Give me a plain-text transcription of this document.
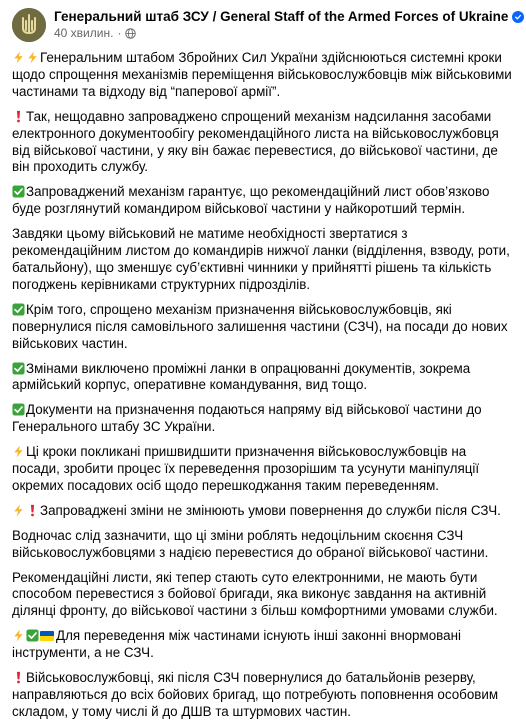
Генеральний штаб ЗСУ / General Staff of the Armed Forces of Ukraine
40 хвилин. ·
Генеральним штабом Збройних Сил України здійснюються системні кроки щодо спрощення механізмів переміщення військовослужбовців між військовими частинами та відходу від “паперової армії”.
Так, нещодавно запроваджено спрощений механізм надсилання засобами електронного документообігу рекомендаційного листа на військовослужбовця від військової частини, у яку він бажає перевестися, до військової частини, де він проходить службу.
Запроваджений механізм гарантує, що рекомендаційний лист обов’язково буде розглянутий командиром військової частини у найкоротший термін.
Завдяки цьому військовий не матиме необхідності звертатися з рекомендаційним листом до командирів нижчої ланки (відділення, взводу, роти, батальйону), що зменшує суб’єктивні чинники у прийнятті рішень та кількість погоджень керівниками структурних підрозділів.
Крім того, спрощено механізм призначення військовослужбовців, які повернулися після самовільного залишення частини (СЗЧ), на посади до нових військових частин.
Змінами виключено проміжні ланки в опрацюванні документів, зокрема армійський корпус, оперативне командування, вид тощо.
Документи на призначення подаються напряму від військової частини до Генерального штабу ЗС України.
Ці кроки покликані пришвидшити призначення військовослужбовців на посади, зробити процес їх переведення прозорішим та усунути маніпуляції окремих посадових осіб щодо перешкоджання таким переведенням.
Запроваджені зміни не змінюють умови повернення до служби після СЗЧ.
Водночас слід зазначити, що ці зміни роблять недоцільним скоєння СЗЧ військовослужбовцями з надією перевестися до обраної військової частини.
Рекомендаційні листи, які тепер стають суто електронними, не мають бути способом перевестися з бойової бригади, яка виконує завдання на активній ділянці фронту, до військової частини з більш комфортними умовами служби.
Для переведення між частинами існують інші законні внормовані інструменти, а не СЗЧ.
Військовослужбовці, які після СЗЧ повернулися до батальйонів резерву, направляються до всіх бойових бригад, що потребують поповнення особовим складом, у тому числі й до ДШВ та штурмових частин.
